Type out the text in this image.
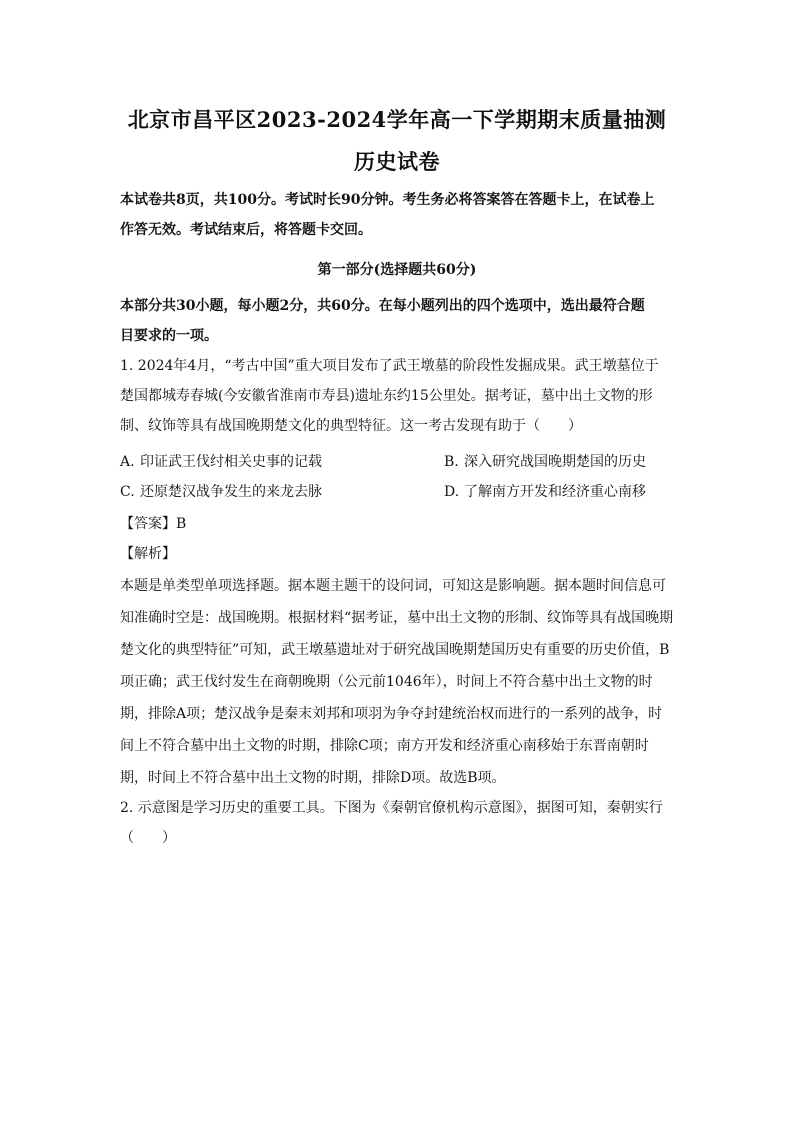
北京市昌平区2023-2024学年高一下学期期末质量抽测
历史试卷
本试卷共8页，共100分。考试时长90分钟。考生务必将答案答在答题卡上，在试卷上
作答无效。考试结束后，将答题卡交回。
第一部分(选择题共60分)
本部分共30小题，每小题2分，共60分。在每小题列出的四个选项中，选出最符合题
目要求的一项。
1. 2024年4月，“考古中国”重大项目发布了武王墩墓的阶段性发掘成果。武王墩墓位于
楚国都城寿春城(今安徽省淮南市寿县)遗址东约15公里处。据考证，墓中出土文物的形
制、纹饰等具有战国晚期楚文化的典型特征。这一考古发现有助于（　　）
A. 印证武王伐纣相关史事的记载	B. 深入研究战国晚期楚国的历史
C. 还原楚汉战争发生的来龙去脉	D. 了解南方开发和经济重心南移
【答案】B
【解析】
本题是单类型单项选择题。据本题主题干的设问词，可知这是影响题。据本题时间信息可
知准确时空是：战国晚期。根据材料“据考证，墓中出土文物的形制、纹饰等具有战国晚期
楚文化的典型特征”可知，武王墩墓遗址对于研究战国晚期楚国历史有重要的历史价值，B
项正确；武王伐纣发生在商朝晚期（公元前1046年），时间上不符合墓中出土文物的时
期，排除A项；楚汉战争是秦末刘邦和项羽为争夺封建统治权而进行的一系列的战争，时
间上不符合墓中出土文物的时期，排除C项；南方开发和经济重心南移始于东晋南朝时
期，时间上不符合墓中出土文物的时期，排除D项。故选B项。
2. 示意图是学习历史的重要工具。下图为《秦朝官僚机构示意图》，据图可知，秦朝实行
（　　）
